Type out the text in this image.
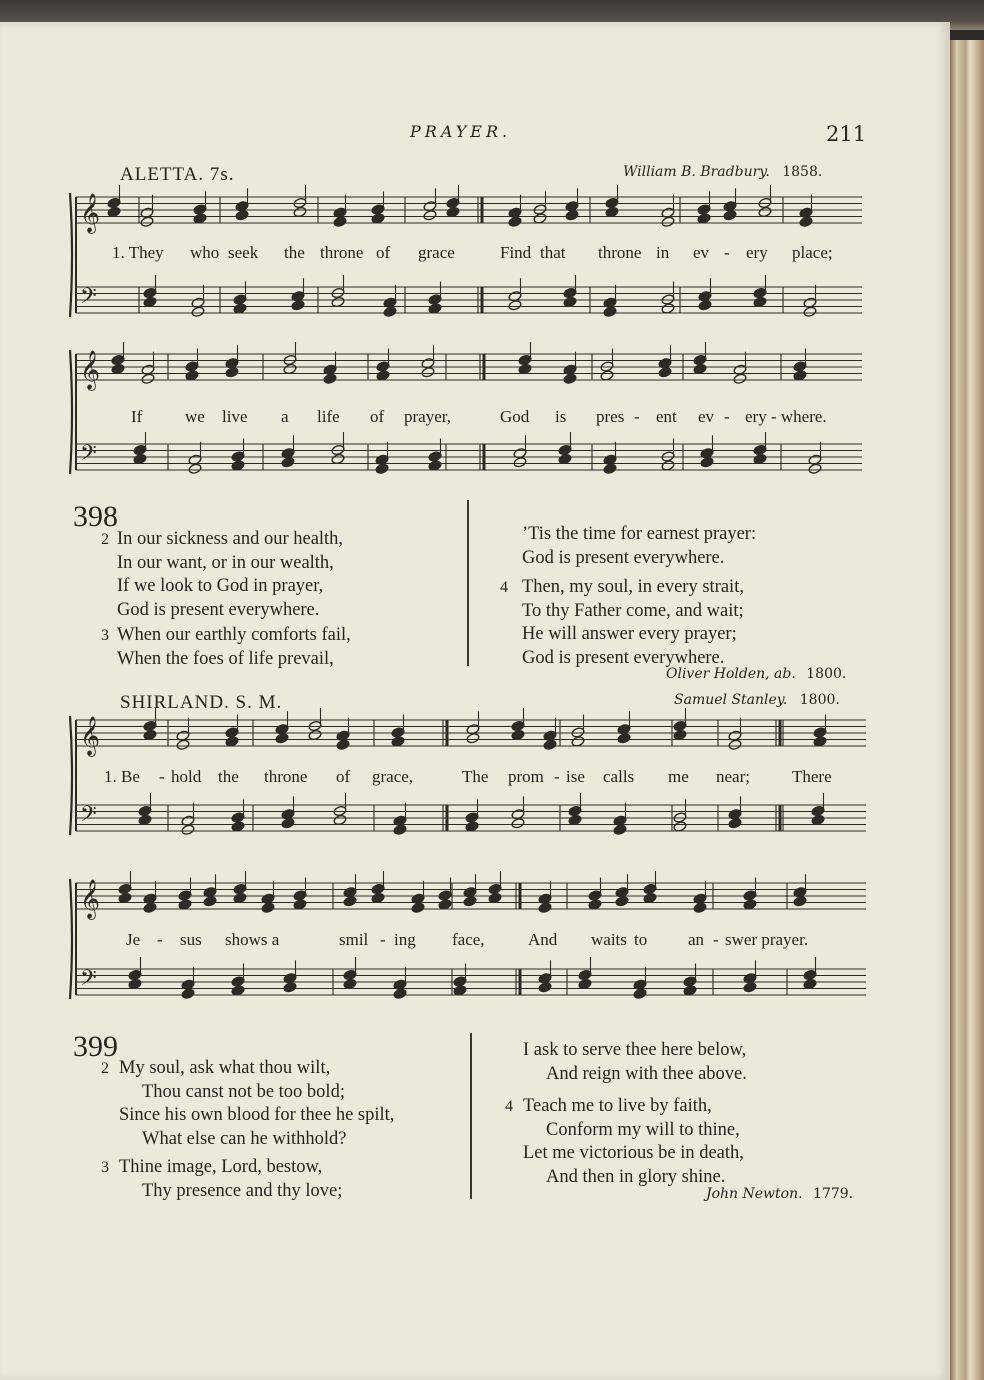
𝄞
𝄢
𝄞
𝄢
𝄞
𝄢
𝄞
𝄢
PRAYER.	211
ALETTA. 7s.	William B. Bradbury. 1858.
1. They who seek the throne of grace	Find that throne in ev - ery place;
If	we live a life of prayer,	God is pres - ent ev - ery - where.
398
2 In our sickness and our health,
In our want, or in our wealth,
If we look to God in prayer,
God is present everywhere.
3 When our earthly comforts fail,
When the foes of life prevail,
’Tis the time for earnest prayer:
God is present everywhere.
4 Then, my soul, in every strait,
To thy Father come, and wait;
He will answer every prayer;
God is present everywhere.
Oliver Holden, ab. 1800.
SHIRLAND. S. M.	Samuel Stanley. 1800.
1. Be - hold the throne of grace,	The prom - ise calls me near; There
Je - sus shows a	smil - ing face,	And waits to an - swer prayer.
399
2 My soul, ask what thou wilt,
Thou canst not be too bold;
Since his own blood for thee he spilt,
What else can he withhold?
3 Thine image, Lord, bestow,
Thy presence and thy love;
I ask to serve thee here below,
And reign with thee above.
4 Teach me to live by faith,
Conform my will to thine,
Let me victorious be in death,
And then in glory shine.
John Newton. 1779.
